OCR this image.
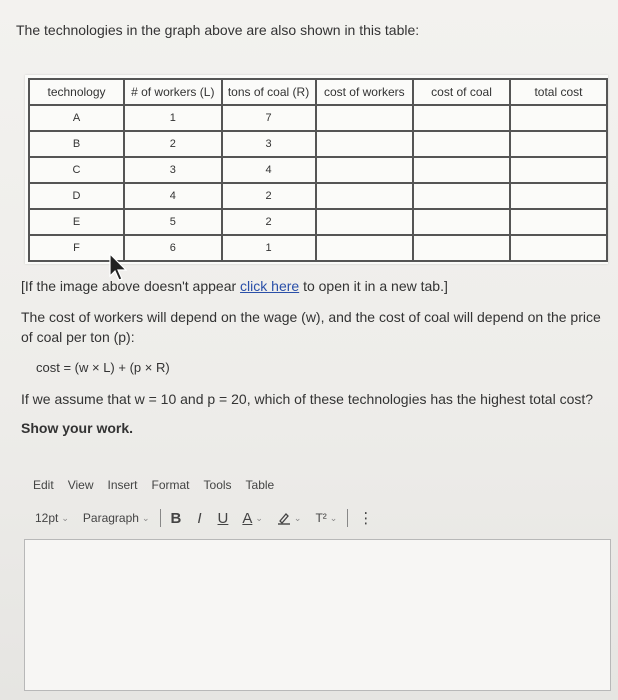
The technologies in the graph above are also shown in this table:
technology	# of workers (L)	tons of coal (R)	cost of workers	cost of coal	total cost
A	1	7			
B	2	3			
C	3	4			
D	4	2			
E	5	2			
F	6	1			
[If the image above doesn't appear click here to open it in a new tab.]
The cost of workers will depend on the wage (w), and the cost of coal will depend on the price of coal per ton (p):
cost = (w × L) + (p × R)
If we assume that w = 10 and p = 20, which of these technologies has the highest total cost?
Show your work.
Edit View Insert Format Tools Table
12pt ⌄ Paragraph ⌄ B I U A ⌄	⌄ T² ⌄ ⋮
